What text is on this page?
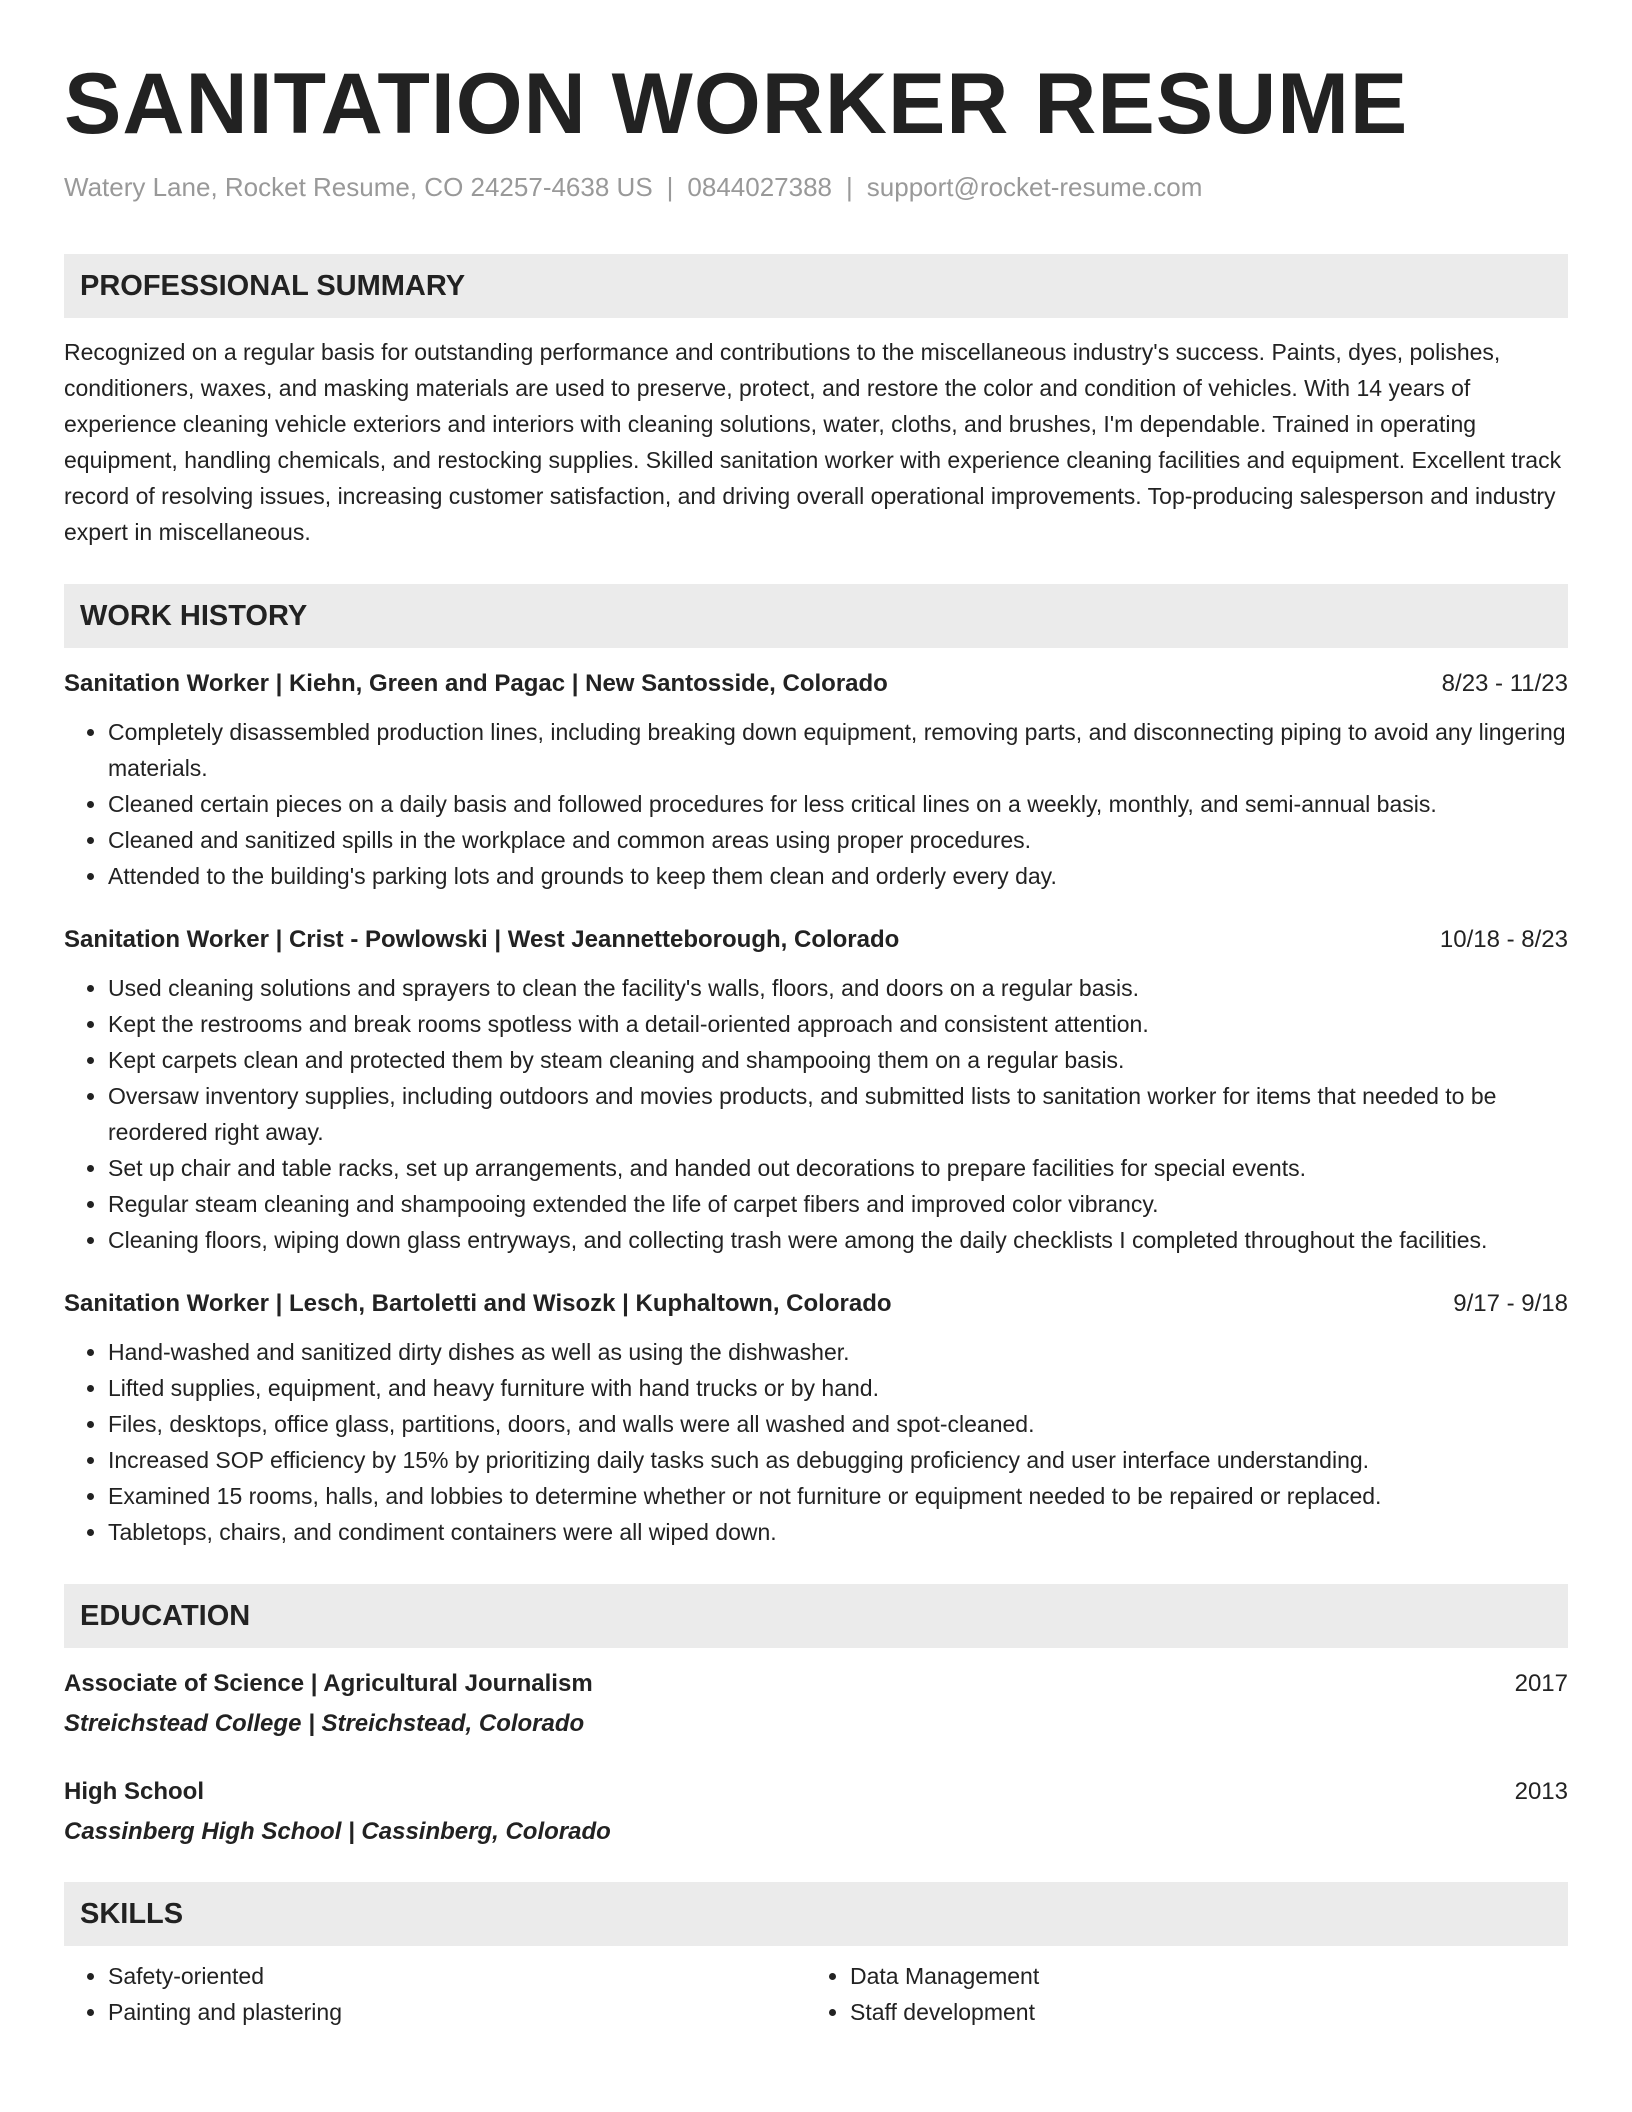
SANITATION WORKER RESUME
Watery Lane, Rocket Resume, CO 24257-4638 US | 0844027388 | support@rocket-resume.com
PROFESSIONAL SUMMARY
Recognized on a regular basis for outstanding performance and contributions to the miscellaneous industry's success. Paints, dyes, polishes, conditioners, waxes, and masking materials are used to preserve, protect, and restore the color and condition of vehicles. With 14 years of experience cleaning vehicle exteriors and interiors with cleaning solutions, water, cloths, and brushes, I'm dependable. Trained in operating equipment, handling chemicals, and restocking supplies. Skilled sanitation worker with experience cleaning facilities and equipment. Excellent track record of resolving issues, increasing customer satisfaction, and driving overall operational improvements. Top-producing salesperson and industry expert in miscellaneous.
WORK HISTORY
Sanitation Worker | Kiehn, Green and Pagac | New Santosside, Colorado	8/23 - 11/23
• Completely disassembled production lines, including breaking down equipment, removing parts, and disconnecting piping to avoid any lingering materials.
• Cleaned certain pieces on a daily basis and followed procedures for less critical lines on a weekly, monthly, and semi-annual basis.
• Cleaned and sanitized spills in the workplace and common areas using proper procedures.
• Attended to the building's parking lots and grounds to keep them clean and orderly every day.
Sanitation Worker | Crist - Powlowski | West Jeannetteborough, Colorado	10/18 - 8/23
• Used cleaning solutions and sprayers to clean the facility's walls, floors, and doors on a regular basis.
• Kept the restrooms and break rooms spotless with a detail-oriented approach and consistent attention.
• Kept carpets clean and protected them by steam cleaning and shampooing them on a regular basis.
• Oversaw inventory supplies, including outdoors and movies products, and submitted lists to sanitation worker for items that needed to be reordered right away.
• Set up chair and table racks, set up arrangements, and handed out decorations to prepare facilities for special events.
• Regular steam cleaning and shampooing extended the life of carpet fibers and improved color vibrancy.
• Cleaning floors, wiping down glass entryways, and collecting trash were among the daily checklists I completed throughout the facilities.
Sanitation Worker | Lesch, Bartoletti and Wisozk | Kuphaltown, Colorado	9/17 - 9/18
• Hand-washed and sanitized dirty dishes as well as using the dishwasher.
• Lifted supplies, equipment, and heavy furniture with hand trucks or by hand.
• Files, desktops, office glass, partitions, doors, and walls were all washed and spot-cleaned.
• Increased SOP efficiency by 15% by prioritizing daily tasks such as debugging proficiency and user interface understanding.
• Examined 15 rooms, halls, and lobbies to determine whether or not furniture or equipment needed to be repaired or replaced.
• Tabletops, chairs, and condiment containers were all wiped down.
EDUCATION
Associate of Science | Agricultural Journalism	2017
Streichstead College | Streichstead, Colorado
High School	2013
Cassinberg High School | Cassinberg, Colorado
SKILLS
• Safety-oriented
• Painting and plastering
• Data Management
• Staff development
